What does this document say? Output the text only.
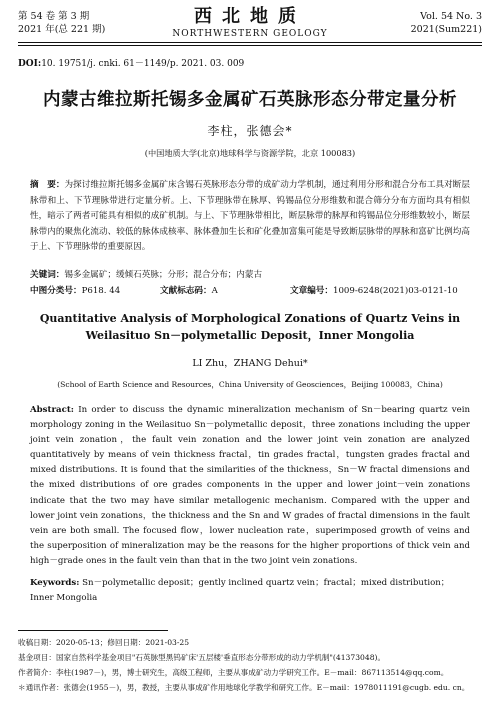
第 54 卷 第 3 期
2021 年(总 221 期)
西北地质
NORTHWESTERN GEOLOGY
Vol. 54 No. 3
2021(Sum221)
DOI:10. 19751/j. cnki. 61－1149/p. 2021. 03. 009
内蒙古维拉斯托锡多金属矿石英脉形态分带定量分析
李柱，张德会*
(中国地质大学(北京)地球科学与资源学院，北京 100083)
摘　要：为探讨维拉斯托锡多金属矿床含锡石英脉形态分带的成矿动力学机制，通过利用分形和混合分布工具对断层脉带和上、下节理脉带进行定量分析。上、下节理脉带在脉厚、钨锡品位分形维数和混合筛分分布方面均具有相似性，暗示了两者可能具有相似的成矿机制。与上、下节理脉带相比，断层脉带的脉厚和钨锡品位分形维数较小，断层脉带内的聚焦化流动、较低的脉体成核率、脉体叠加生长和矿化叠加富集可能是导致断层脉带的厚脉和富矿比例均高于上、下节理脉带的重要原因。
关键词：锡多金属矿；缓倾石英脉；分形；混合分布；内蒙古
中图分类号：P618. 44	文献标志码：A	文章编号：1009-6248(2021)03-0121-10
Quantitative Analysis of Morphological Zonations of Quartz Veins in
Weilasituo Sn－polymetallic Deposit，Inner Mongolia
LI Zhu，ZHANG Dehui*
(School of Earth Science and Resources，China University of Geosciences，Beijing 100083，China)
Abstract: In order to discuss the dynamic mineralization mechanism of Sn－bearing quartz vein morphology zoning in the Weilasituo Sn－polymetallic deposit，three zonations including the upper joint vein zonation，the fault vein zonation and the lower joint vein zonation are analyzed quantitatively by means of vein thickness fractal，tin grades fractal，tungsten grades fractal and mixed distributions. It is found that the similarities of the thickness，Sn－W fractal dimensions and the mixed distributions of ore grades components in the upper and lower joint－vein zonations indicate that the two may have similar metallogenic mechanism. Compared with the upper and lower joint vein zonations，the thickness and the Sn and W grades of fractal dimensions in the fault vein are both small. The focused flow，lower nucleation rate，superimposed growth of veins and the superposition of mineralization may be the reasons for the higher proportions of thick vein and high－grade ones in the fault vein than that in the two joint vein zonations.
Keywords: Sn－polymetallic deposit；gently inclined quartz vein；fractal；mixed distribution；Inner Mongolia
收稿日期：2020-05-13；修回日期：2021-03-25
基金项目：国家自然科学基金项目"石英脉型黑钨矿床'五层楼'垂直形态分带形成的动力学机制"(41373048)。
作者简介：李柱(1987－)，男，博士研究生，高级工程师，主要从事成矿动力学研究工作。E－mail：867113514@qq.com。
＊通讯作者：张德会(1955－)，男，教授，主要从事成矿作用地球化学教学和研究工作。E－mail：1978011191@cugb. edu. cn。
